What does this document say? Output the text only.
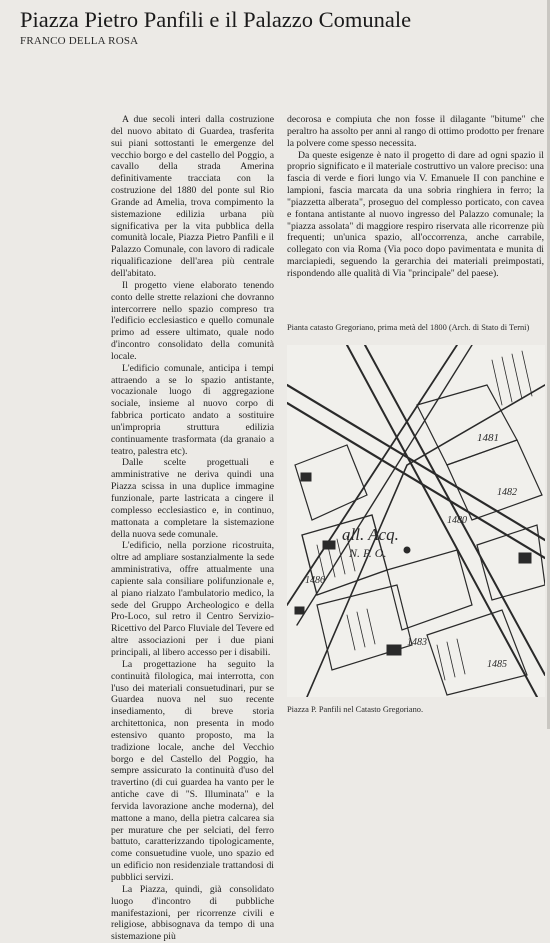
Piazza Pietro Panfili e il Palazzo Comunale
FRANCO DELLA ROSA

A due secoli interi dalla costruzione del nuovo abitato di Guardea, trasferita sui piani sottostanti le emergenze del vecchio borgo e del castello del Poggio, a cavallo della strada Amerina definitivamente tracciata con la costruzione del 1880 del ponte sul Rio Grande ad Amelia, trova compimento la sistemazione edilizia urbana più significativa per la vita pubblica della comunità locale, Piazza Pietro Panfili e il Palazzo Comunale, con lavoro di radicale riqualificazione dell'area più centrale dell'abitato.

Il progetto viene elaborato tenendo conto delle strette relazioni che dovranno intercorrere nello spazio compreso tra l'edificio ecclesiastico e quello comunale primo ad essere ultimato, quale nodo d'incontro consolidato della comunità locale.

L'edificio comunale, anticipa i tempi attraendo a se lo spazio antistante, vocazionale luogo di aggregazione sociale, insieme al nuovo corpo di fabbrica porticato andato a sostituire un'impropria struttura edilizia continuamente trasformata (da granaio a teatro, palestra etc).

Dalle scelte progettuali e amministrative ne deriva quindi una Piazza scissa in una duplice immagine funzionale, parte lastricata a cingere il complesso ecclesiastico e, in continuo, mattonata a completare la sistemazione della nuova sede comunale.

L'edificio, nella porzione ricostruita, oltre ad ampliare sostanzialmente la sede amministrativa, offre attualmente una capiente sala consiliare polifunzionale e, al piano rialzato l'ambulatorio medico, la sede del Gruppo Archeologico e della Pro-Loco, sul retro il Centro Servizio-Ricettivo del Parco Fluviale del Tevere ed altre associazioni per i due piani principali, al libero accesso per i disabili.

La progettazione ha seguito la continuità filologica, mai interrotta, con l'uso dei materiali consuetudinari, pur se Guardea nuova nel suo recente insediamento, di breve storia architettonica, non presenta in modo estensivo quanto proposto, ma la tradizione locale, anche del Vecchio borgo e del Castello del Poggio, ha sempre assicurato la continuità d'uso del travertino (di cui guardea ha vanto per le antiche cave di "S. Illuminata" e la fervida lavorazione anche moderna), del mattone a mano, della pietra calcarea sia per murature che per selciati, del ferro battuto, caratterizzando tipologicamente, come consuetudine vuole, uno spazio ed un edificio non residenziale trattandosi di pubblici servizi.

La Piazza, quindi, già consolidato luogo d'incontro di pubbliche manifestazioni, per ricorrenze civili e religiose, abbisognava da tempo di una sistemazione più

decorosa e compiuta che non fosse il dilagante "bitume" che peraltro ha assolto per anni al rango di ottimo prodotto per frenare la polvere come spesso necessita.

Da queste esigenze è nato il progetto di dare ad ogni spazio il proprio significato e il materiale costruttivo un valore preciso: una fascia di verde e fiori lungo via V. Emanuele II con panchine e lampioni, fascia marcata da una sobria ringhiera in ferro; la "piazzetta alberata", proseguo del complesso porticato, con cavea e fontana antistante al nuovo ingresso del Palazzo comunale; la "piazza assolata" di maggiore respiro riservata alle ricorrenze più frequenti; un'unica spazio, all'occorrenza, anche carrabile, collegato con via Roma (Via poco dopo pavimentata e munita di marciapiedi, seguendo la gerarchia dei materiali preimpostati, rispondendo alle qualità di Via "principale" del paese).

Pianta catasto Gregoriano, prima metà del 1800 (Arch. di Stato di Terni)
1481
1482
1483
1485
1486
1480
all. Acq.
N. P. O.
Piazza P. Panfili nel Catasto Gregoriano.
